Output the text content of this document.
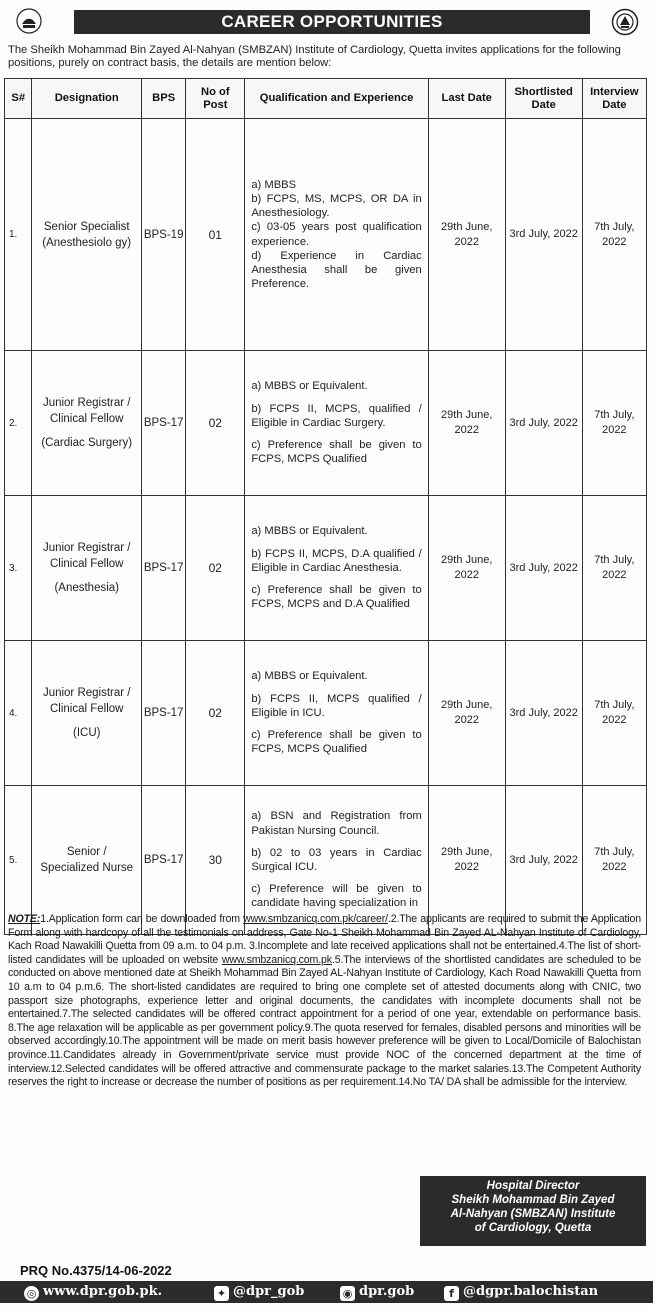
CAREER OPPORTUNITIES
The Sheikh Mohammad Bin Zayed Al-Nahyan (SMBZAN) Institute of Cardiology, Quetta invites applications for the following positions, purely on contract basis, the details are mention below:
S#	Designation	BPS	No of Post	Qualification and Experience	Last Date	Shortlisted Date	Interview Date
1.	Senior Specialist (Anesthesiolo gy)	BPS-19	01	a) MBBS
b) FCPS, MS, MCPS, OR DA in Anesthesiology.
c) 03-05 years post qualification experience.
d) Experience in Cardiac Anesthesia shall be given Preference.	29th June, 2022	3rd July, 2022	7th July, 2022
2.	Junior Registrar / Clinical Fellow
(Cardiac Surgery)	BPS-17	02	a) MBBS or Equivalent.
b) FCPS II, MCPS, qualified / Eligible in Cardiac Surgery.
c) Preference shall be given to FCPS, MCPS Qualified	29th June, 2022	3rd July, 2022	7th July, 2022
3.	Junior Registrar / Clinical Fellow
(Anesthesia)	BPS-17	02	a) MBBS or Equivalent.
b) FCPS II, MCPS, D.A qualified / Eligible in Cardiac Anesthesia.
c) Preference shall be given to FCPS, MCPS and D.A Qualified	29th June, 2022	3rd July, 2022	7th July, 2022
4.	Junior Registrar / Clinical Fellow
(ICU)	BPS-17	02	a) MBBS or Equivalent.
b) FCPS II, MCPS qualified / Eligible in ICU.
c) Preference shall be given to FCPS, MCPS Qualified	29th June, 2022	3rd July, 2022	7th July, 2022
5.	Senior / Specialized Nurse	BPS-17	30	a) BSN and Registration from Pakistan Nursing Council.
b) 02 to 03 years in Cardiac Surgical ICU.
c) Preference will be given to candidate having specialization in	29th June, 2022	3rd July, 2022	7th July, 2022
NOTE:1.Application form can be downloaded from www.smbzanicq.com.pk/career/.2.The applicants are required to submit the Application Form along with hardcopy of all the testimonials on address, Gate No-1 Sheikh Mohammad Bin Zayed AL-Nahyan Institute of Cardiology, Kach Road Nawakilli Quetta from 09 a.m. to 04 p.m. 3.Incomplete and late received applications shall not be entertained.4.The list of short-listed candidates will be uploaded on website www.smbzanicq.com.pk.5.The interviews of the shortlisted candidates are scheduled to be conducted on above mentioned date at Sheikh Mohammad Bin Zayed AL-Nahyan Institute of Cardiology, Kach Road Nawakilli Quetta from 10 a.m to 04 p.m.6. The short-listed candidates are required to bring one complete set of attested documents along with CNIC, two passport size photographs, experience letter and original documents, the candidates with incomplete documents shall not be entertained.7.The selected candidates will be offered contract appointment for a period of one year, extendable on performance basis. 8.The age relaxation will be applicable as per government policy.9.The quota reserved for females, disabled persons and minorities will be observed accordingly.10.The appointment will be made on merit basis however preference will be given to Local/Domicile of Balochistan province.11.Candidates already in Government/private service must provide NOC of the concerned department at the time of interview.12.Selected candidates will be offered attractive and commensurate package to the market salaries.13.The Competent Authority reserves the right to increase or decrease the number of positions as per requirement.14.No TA/ DA shall be admissible for the interview.
Hospital Director
Sheikh Mohammad Bin Zayed
Al-Nahyan (SMBZAN) Institute
of Cardiology, Quetta
PRQ No.4375/14-06-2022
◎ www.dpr.gob.pk.	✦ @dpr_gob	◉ dpr.gob	f @dgpr.balochistan
